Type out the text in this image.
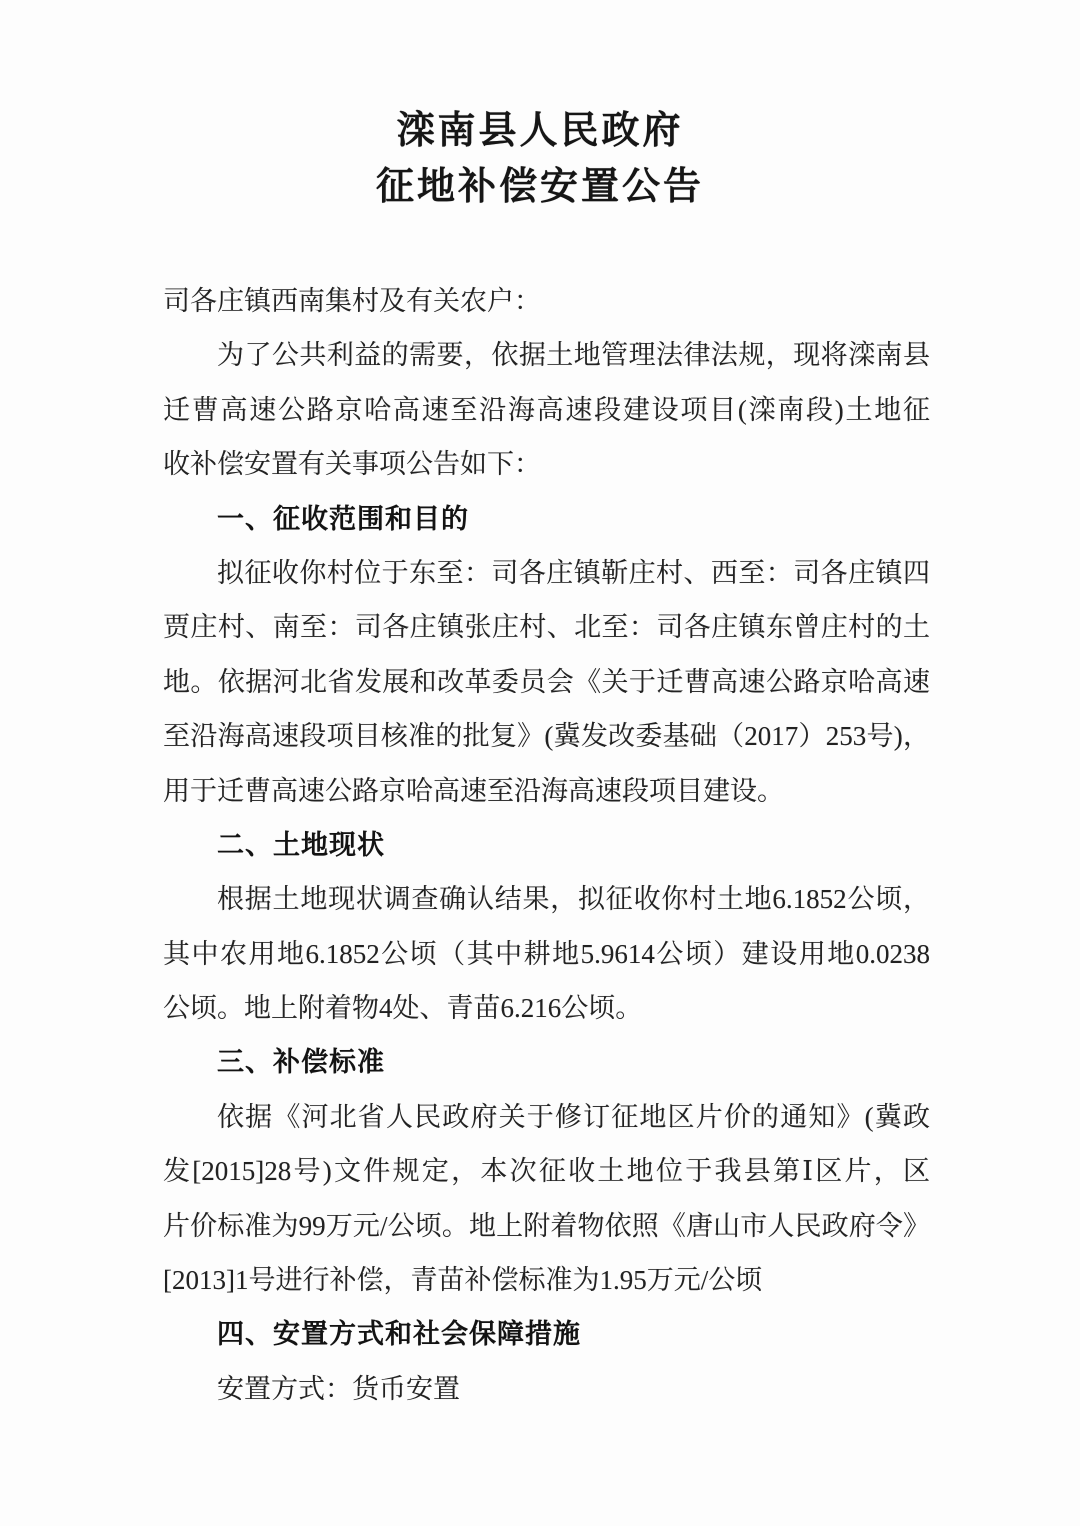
滦南县人民政府
征地补偿安置公告
司各庄镇西南集村及有关农户：
为了公共利益的需要，依据土地管理法律法规，现将滦南县
迁曹高速公路京哈高速至沿海高速段建设项目(滦南段)土地征
收补偿安置有关事项公告如下：
一、征收范围和目的
拟征收你村位于东至：司各庄镇靳庄村、西至：司各庄镇四
贾庄村、南至：司各庄镇张庄村、北至：司各庄镇东曾庄村的土
地。依据河北省发展和改革委员会《关于迁曹高速公路京哈高速
至沿海高速段项目核准的批复》(冀发改委基础（2017）253号)，
用于迁曹高速公路京哈高速至沿海高速段项目建设。
二、土地现状
根据土地现状调查确认结果，拟征收你村土地6.1852公顷，
其中农用地6.1852公顷（其中耕地5.9614公顷）建设用地0.0238
公顷。地上附着物4处、青苗6.216公顷。
三、补偿标准
依据《河北省人民政府关于修订征地区片价的通知》(冀政
发[2015]28号)文件规定，本次征收土地位于我县第Ⅰ区片，区
片价标准为99万元/公顷。地上附着物依照《唐山市人民政府令》
[2013]1号进行补偿，青苗补偿标准为1.95万元/公顷
四、安置方式和社会保障措施
安置方式：货币安置
